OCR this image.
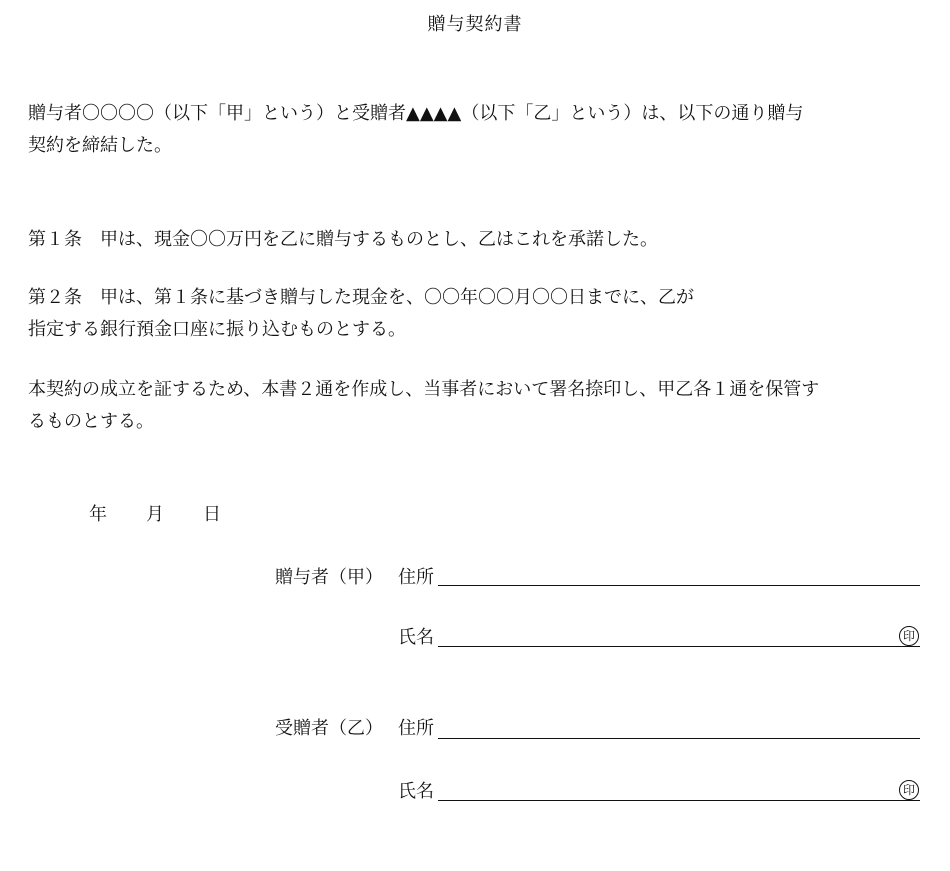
贈与契約書
贈与者〇〇〇〇（以下「甲」という）と受贈者▲▲▲▲（以下「乙」という）は、以下の通り贈与
契約を締結した。
第１条　甲は、現金〇〇万円を乙に贈与するものとし、乙はこれを承諾した。
第２条　甲は、第１条に基づき贈与した現金を、〇〇年〇〇月〇〇日までに、乙が
指定する銀行預金口座に振り込むものとする。
本契約の成立を証するため、本書２通を作成し、当事者において署名捺印し、甲乙各１通を保管す
るものとする。
年 月 日
贈与者（甲） 住所
氏名	印
受贈者（乙） 住所
氏名	印
